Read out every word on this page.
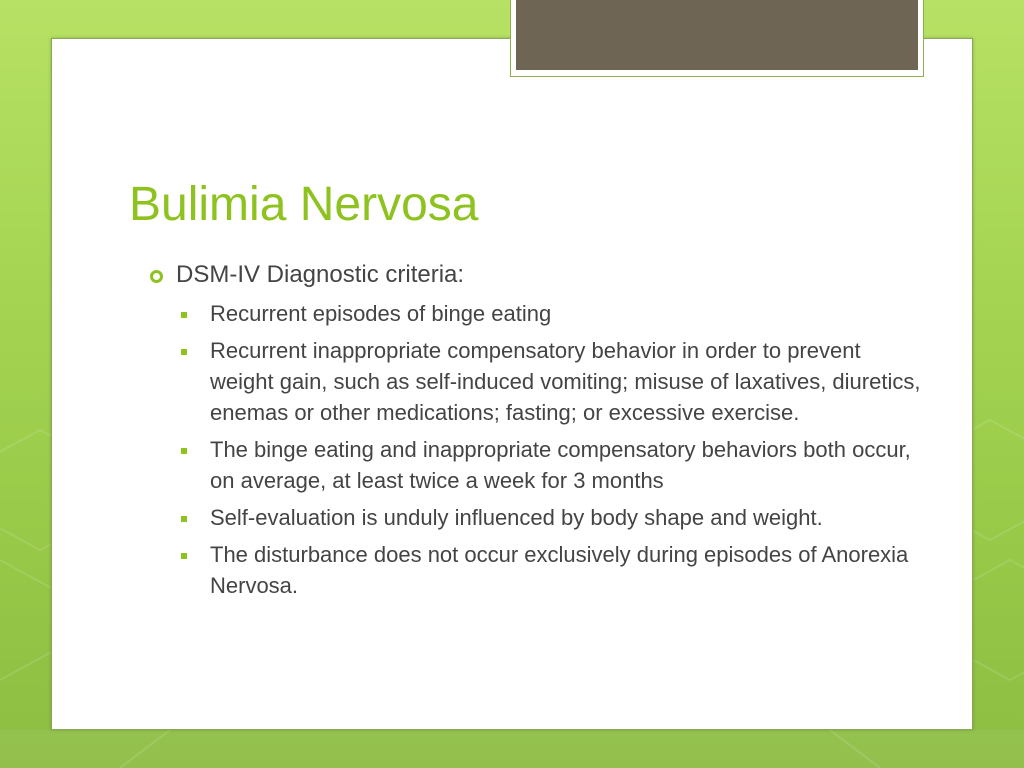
Bulimia Nervosa
DSM-IV Diagnostic criteria:
Recurrent episodes of binge eating
Recurrent inappropriate compensatory behavior in order to prevent weight gain, such as self-induced vomiting; misuse of laxatives, diuretics, enemas or other medications; fasting; or excessive exercise.
The binge eating and inappropriate compensatory behaviors both occur, on average, at least twice a week for 3 months
Self-evaluation is unduly influenced by body shape and weight.
The disturbance does not occur exclusively during episodes of Anorexia Nervosa.
